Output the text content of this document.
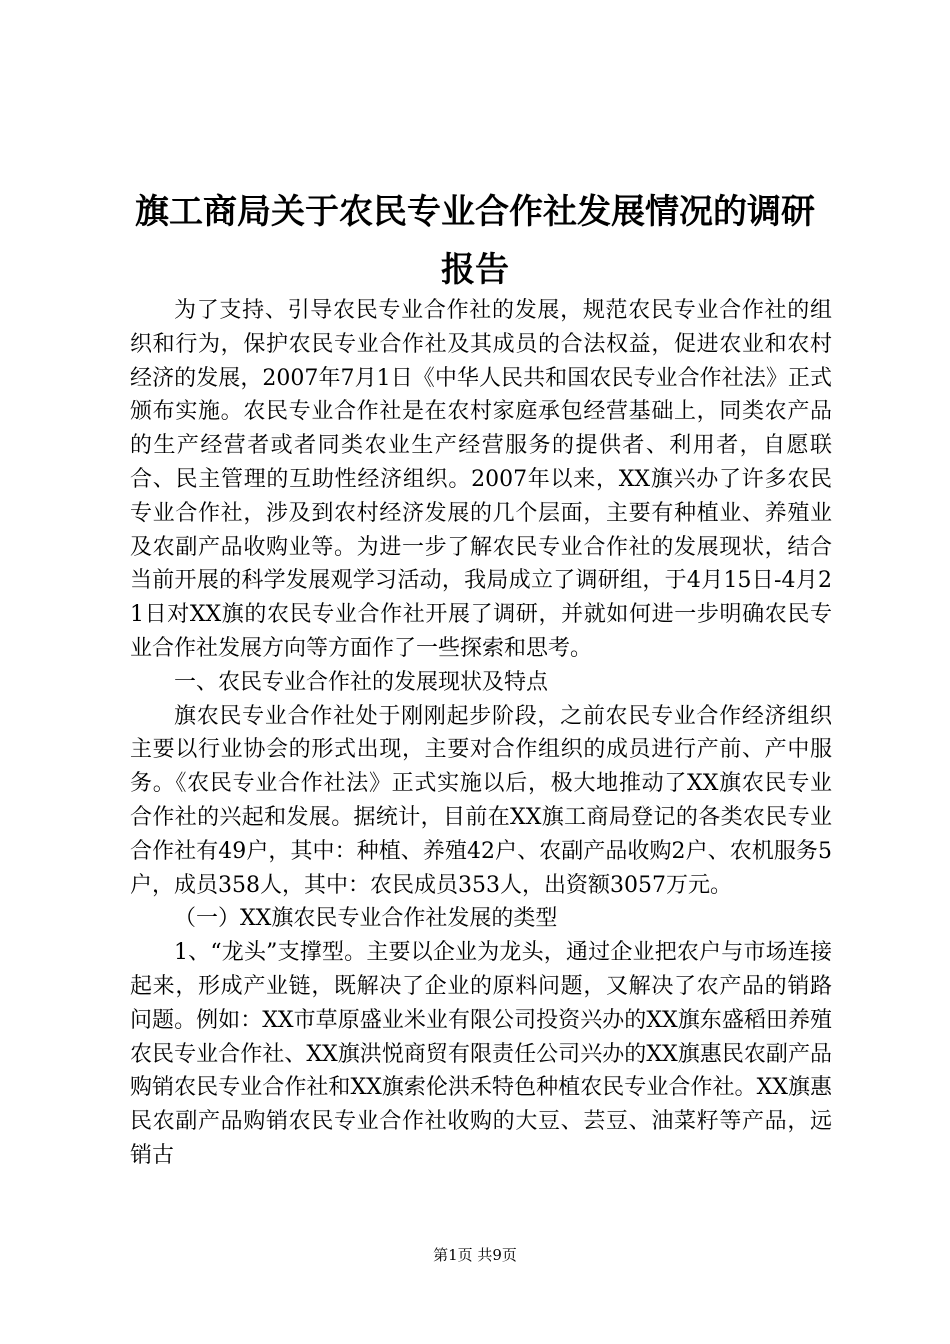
旗工商局关于农民专业合作社发展情况的调研报告

为了支持、引导农民专业合作社的发展，规范农民专业合作社的组织和行为，保护农民专业合作社及其成员的合法权益，促进农业和农村经济的发展，2007年7月1日《中华人民共和国农民专业合作社法》正式颁布实施。农民专业合作社是在农村家庭承包经营基础上，同类农产品的生产经营者或者同类农业生产经营服务的提供者、利用者，自愿联合、民主管理的互助性经济组织。2007年以来，XX旗兴办了许多农民专业合作社，涉及到农村经济发展的几个层面，主要有种植业、养殖业及农副产品收购业等。为进一步了解农民专业合作社的发展现状，结合当前开展的科学发展观学习活动，我局成立了调研组，于4月15日-4月21日对XX旗的农民专业合作社开展了调研，并就如何进一步明确农民专业合作社发展方向等方面作了一些探索和思考。

一、农民专业合作社的发展现状及特点

旗农民专业合作社处于刚刚起步阶段，之前农民专业合作经济组织主要以行业协会的形式出现，主要对合作组织的成员进行产前、产中服务。《农民专业合作社法》正式实施以后，极大地推动了XX旗农民专业合作社的兴起和发展。据统计，目前在XX旗工商局登记的各类农民专业合作社有49户，其中：种植、养殖42户、农副产品收购2户、农机服务5户，成员358人，其中：农民成员353人，出资额3057万元。

（一）XX旗农民专业合作社发展的类型

1、“龙头”支撑型。主要以企业为龙头，通过企业把农户与市场连接起来，形成产业链，既解决了企业的原料问题，又解决了农产品的销路问题。例如：XX市草原盛业米业有限公司投资兴办的XX旗东盛稻田养殖农民专业合作社、XX旗洪悦商贸有限责任公司兴办的XX旗惠民农副产品购销农民专业合作社和XX旗索伦洪禾特色种植农民专业合作社。XX旗惠民农副产品购销农民专业合作社收购的大豆、芸豆、油菜籽等产品，远销古

第1页 共9页
